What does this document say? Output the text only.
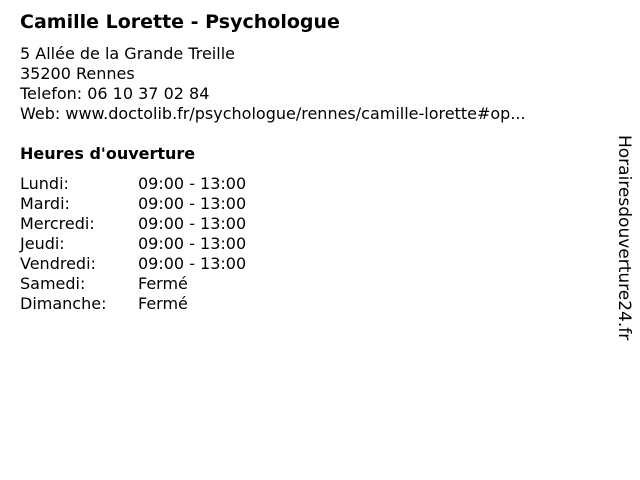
Camille Lorette - Psychologue
5 Allée de la Grande Treille
35200 Rennes
Telefon: 06 10 37 02 84
Web: www.doctolib.fr/psychologue/rennes/camille-lorette#op...
Heures d'ouverture
Lundi:	09:00 - 13:00
Mardi:	09:00 - 13:00
Mercredi:	09:00 - 13:00
Jeudi:	09:00 - 13:00
Vendredi:	09:00 - 13:00
Samedi:	Fermé
Dimanche:	Fermé	Horairesdouverture24.fr
